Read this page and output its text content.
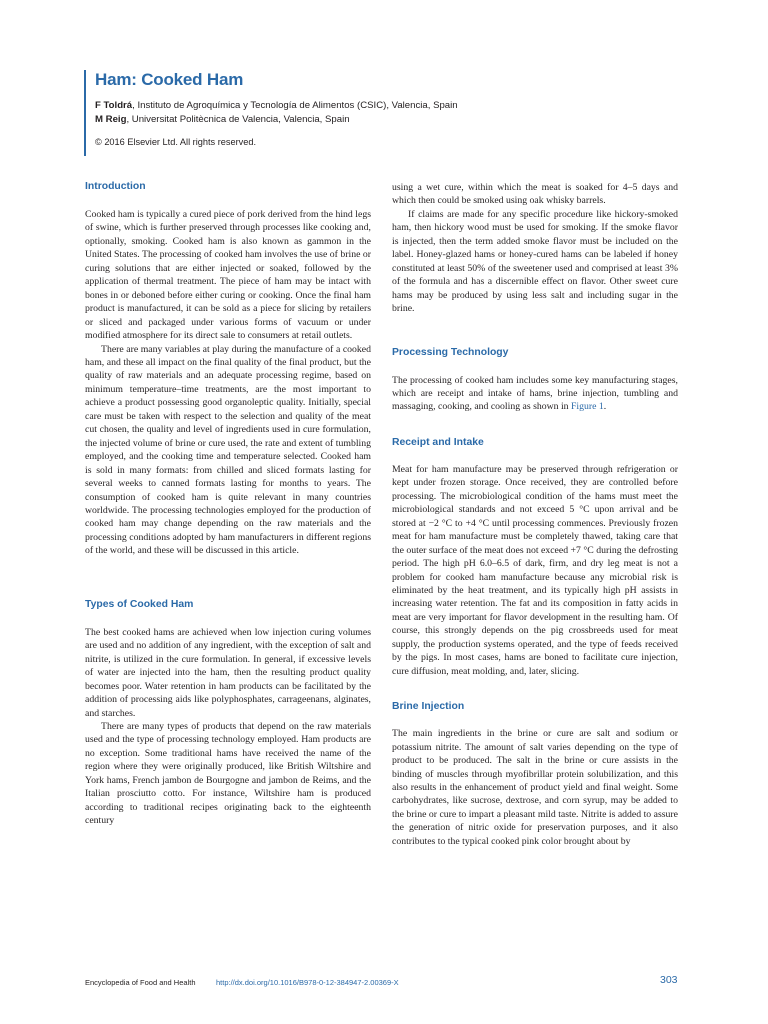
Ham: Cooked Ham
F Toldrá, Instituto de Agroquímica y Tecnología de Alimentos (CSIC), Valencia, Spain
M Reig, Universitat Politècnica de Valencia, Valencia, Spain
© 2016 Elsevier Ltd. All rights reserved.
Introduction

Cooked ham is typically a cured piece of pork derived from the hind legs of swine, which is further preserved through processes like cooking and, optionally, smoking. Cooked ham is also known as gammon in the United States. The processing of cooked ham involves the use of brine or curing solutions that are either injected or soaked, followed by the application of thermal treatment. The piece of ham may be intact with bones in or deboned before either curing or cooking. Once the final ham product is manufactured, it can be sold as a piece for slicing by retailers or sliced and packaged under various forms of vacuum or under modified atmosphere for its direct sale to consumers at retail outlets.

There are many variables at play during the manufacture of a cooked ham, and these all impact on the final quality of the final product, but the quality of raw materials and an adequate processing regime, based on minimum temperature–time treatments, are the most important to achieve a product possessing good organoleptic quality. Initially, special care must be taken with respect to the selection and quality of the meat cut chosen, the quality and level of ingredients used in cure formulation, the injected volume of brine or cure used, the rate and extent of tumbling employed, and the cooking time and temperature selected. Cooked ham is sold in many formats: from chilled and sliced formats lasting for several weeks to canned formats lasting for months to years. The consumption of cooked ham is quite relevant in many countries worldwide. The processing technologies employed for the production of cooked ham may change depending on the raw materials and the processing conditions adopted by ham manufacturers in different regions of the world, and these will be discussed in this article.

Types of Cooked Ham

The best cooked hams are achieved when low injection curing volumes are used and no addition of any ingredient, with the exception of salt and nitrite, is utilized in the cure formulation. In general, if excessive levels of water are injected into the ham, then the resulting product quality becomes poor. Water retention in ham products can be facilitated by the addition of processing aids like polyphosphates, carrageenans, alginates, and starches.

There are many types of products that depend on the raw materials used and the type of processing technology employed. Ham products are no exception. Some traditional hams have received the name of the region where they were originally produced, like British Wiltshire and York hams, French jambon de Bourgogne and jambon de Reims, and the Italian prosciutto cotto. For instance, Wiltshire ham is produced according to traditional recipes originating back to the eighteenth century

using a wet cure, within which the meat is soaked for 4–5 days and which then could be smoked using oak whisky barrels.

If claims are made for any specific procedure like hickory-smoked ham, then hickory wood must be used for smoking. If the smoke flavor is injected, then the term added smoke flavor must be included on the label. Honey-glazed hams or honey-cured hams can be labeled if honey constituted at least 50% of the sweetener used and comprised at least 3% of the formula and has a discernible effect on flavor. Other sweet cure hams may be produced by using less salt and including sugar in the brine.

Processing Technology

The processing of cooked ham includes some key manufacturing stages, which are receipt and intake of hams, brine injection, tumbling and massaging, cooking, and cooling as shown in Figure 1.

Receipt and Intake

Meat for ham manufacture may be preserved through refrigeration or kept under frozen storage. Once received, they are controlled before processing. The microbiological condition of the hams must meet the microbiological standards and not exceed 5 °C upon arrival and be stored at −2 °C to +4 °C until processing commences. Previously frozen meat for ham manufacture must be completely thawed, taking care that the outer surface of the meat does not exceed +7 °C during the defrosting period. The high pH 6.0–6.5 of dark, firm, and dry leg meat is not a problem for cooked ham manufacture because any microbial risk is eliminated by the heat treatment, and its typically high pH assists in increasing water retention. The fat and its composition in fatty acids in meat are very important for flavor development in the resulting ham. Of course, this strongly depends on the pig crossbreeds used for meat supply, the production systems operated, and the type of feeds received by the pigs. In most cases, hams are boned to facilitate cure injection, cure diffusion, meat molding, and, later, slicing.

Brine Injection

The main ingredients in the brine or cure are salt and sodium or potassium nitrite. The amount of salt varies depending on the type of product to be produced. The salt in the brine or cure assists in the binding of muscles through myofibrillar protein solubilization, and this also results in the enhancement of product yield and final weight. Some carbohydrates, like sucrose, dextrose, and corn syrup, may be added to the brine or cure to impart a pleasant mild taste. Nitrite is added to assure the generation of nitric oxide for preservation purposes, and it also contributes to the typical cooked pink color brought about by

Encyclopedia of Food and Health	http://dx.doi.org/10.1016/B978-0-12-384947-2.00369-X	303
